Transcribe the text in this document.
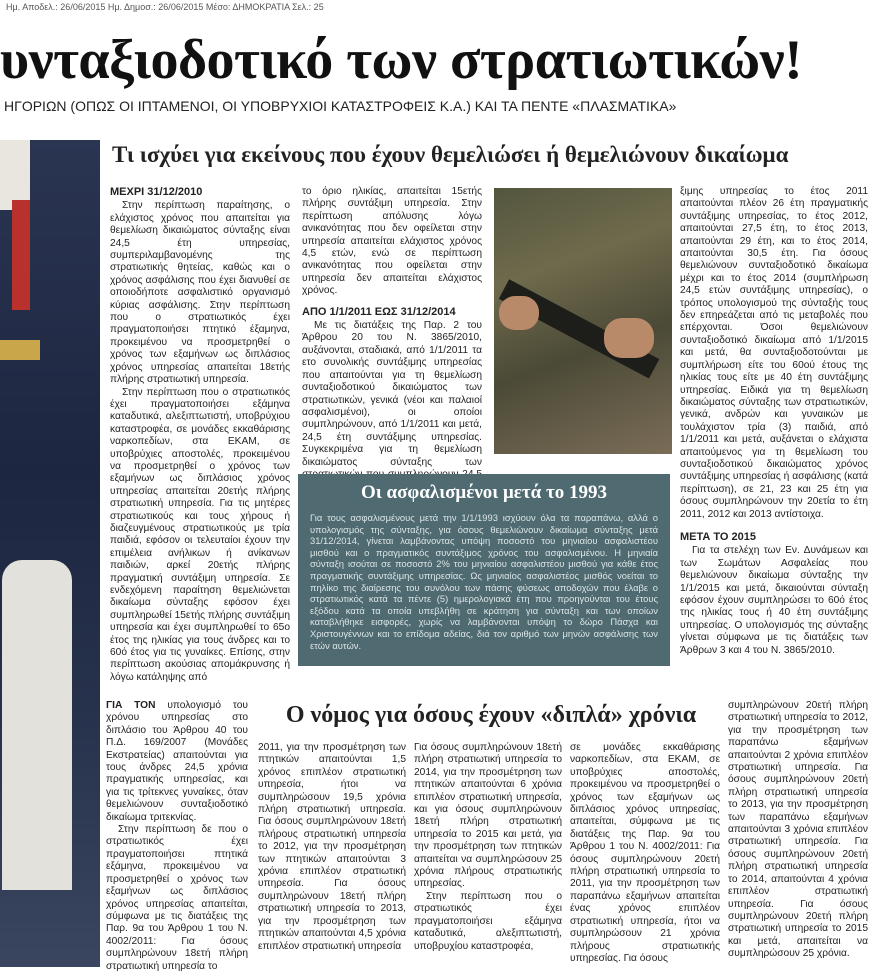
Ημ. Αποδελ.: 26/06/2015 Ημ. Δημοσ.: 26/06/2015 Μέσο: ΔΗΜΟΚΡΑΤΙΑ Σελ.: 25
υνταξιοδοτικό των στρατιωτικών!
ΗΓΟΡΙΩΝ (ΟΠΩΣ ΟΙ ΙΠΤΑΜΕΝΟΙ, ΟΙ ΥΠΟΒΡΥΧΙΟΙ ΚΑΤΑΣΤΡΟΦΕΙΣ Κ.Α.) ΚΑΙ ΤΑ ΠΕΝΤΕ «ΠΛΑΣΜΑΤΙΚΑ»
Τι ισχύει για εκείνους που έχουν θεμελιώσει ή θεμελιώνουν δικαίωμα
ΜΕΧΡΙ 31/12/2010

Στην περίπτωση παραίτησης, ο ελάχιστος χρόνος που απαιτείται για θεμελίωση δικαιώματος σύνταξης είναι 24,5 έτη υπηρεσίας, συμπεριλαμβανομένης της στρατιωτικής θητείας, καθώς και ο χρόνος ασφάλισης που έχει διανυθεί σε οποιοδήποτε ασφαλιστικό οργανισμό κύριας ασφάλισης. Στην περίπτωση που ο στρατιωτικός έχει πραγματοποιήσει πτητικό έξαμηνα, προκειμένου να προσμετρηθεί ο χρόνος των εξαμήνων ως διπλάσιος χρόνος υπηρεσίας απαιτείται 18ετής πλήρης στρατιωτική υπηρεσία.

Στην περίπτωση που ο στρατιωτικός έχει πραγματοποιήσει εξάμηνα καταδυτικά, αλεξιπτωτιστή, υποβρύχιου καταστροφέα, σε μονάδες εκκαθάρισης ναρκοπεδίων, στα ΕΚΑΜ, σε υποβρύχιες αποστολές, προκειμένου να προσμετρηθεί ο χρόνος των εξαμήνων ως διπλάσιος χρόνος υπηρεσίας απαιτείται 20ετής πλήρης στρατιωτική υπηρεσία. Για τις μητέρες στρατιωτικούς και τους χήρους ή διαζευγμένους στρατιωτικούς με τρία παιδιά, εφόσον οι τελευταίοι έχουν την επιμέλεια ανήλικων ή ανίκανων παιδιών, αρκεί 20ετής πλήρης πραγματική συντάξιμη υπηρεσία. Σε ενδεχόμενη παραίτηση θεμελιώνεται δικαίωμα σύνταξης εφόσον έχει συμπληρωθεί 15ετής πλήρης συντάξιμη υπηρεσία και έχει συμπληρωθεί το 65ο έτος της ηλικίας για τους άνδρες και το 60ό έτος για τις γυναίκες. Επίσης, στην περίπτωση ακούσιας απομάκρυνσης ή λόγω κατάληψης από

το όριο ηλικίας, απαιτείται 15ετής πλήρης συντάξιμη υπηρεσία. Στην περίπτωση απόλυσης λόγω ανικανότητας που δεν οφείλεται στην υπηρεσία απαιτείται ελάχιστος χρόνος 4,5 ετών, ενώ σε περίπτωση ανικανότητας που οφείλεται στην υπηρεσία δεν απαιτείται ελάχιστος χρόνος.

ΑΠΟ 1/1/2011 ΕΩΣ 31/12/2014

Με τις διατάξεις της Παρ. 2 του Άρθρου 20 του Ν. 3865/2010, αυξάνονται, σταδιακά, από 1/1/2011 τα ετο συνολικής συντάξιμης υπηρεσίας που απαιτούνται για τη θεμελίωση συνταξιοδοτικού δικαιώματος των στρατιωτικών, γενικά (νέοι και παλαιοί ασφαλισμένοι), οι οποίοι συμπληρώνουν, από 1/1/2011 και μετά, 24,5 έτη συντάξιμης υπηρεσίας. Συγκεκριμένα για τη θεμελίωση δικαιώματος σύνταξης των

ξιμης υπηρεσίας το έτος 2011 απαιτούνται πλέον 26 έτη πραγματικής συντάξιμης υπηρεσίας, το έτος 2012, απαιτούνται 27,5 έτη, το έτος 2013, απαιτούνται 29 έτη, και το έτος 2014, απαιτούνται 30,5 έτη. Για όσους θεμελιώνουν συνταξιοδοτικό δικαίωμα μέχρι και το έτος 2014 (συμπλήρωση 24,5 ετών συντάξιμης υπηρεσίας), ο τρόπος υπολογισμού της σύνταξής τους δεν επηρεάζεται από τις μεταβολές που επέρχονται. Όσοι θεμελιώνουν συνταξιοδοτικό δικαίωμα από 1/1/2015 και μετά, θα συνταξιοδοτούνται με συμπλήρωση είτε του 60ού έτους της ηλικίας τους είτε με 40 έτη συντάξιμης υπηρεσίας. Ειδικά για τη θεμελίωση δικαιώματος σύνταξης των στρατιωτικών, γενικά, ανδρών και γυναικών με τουλάχιστον τρία (3) παιδιά, από 1/1/2011 και μετά, αυξάνεται ο ελάχιστα απαιτούμενος για τη θεμελίωση του συνταξιοδοτικού δικαιώματος χρόνος συντάξιμης υπηρεσίας ή ασφάλισης (κατά περίπτωση), σε 21, 23 και 25 έτη για όσους συμπληρώνουν την 20ετία το έτη 2011, 2012 και 2013 αντίστοιχα.

ΜΕΤΑ ΤΟ 2015

Για τα στελέχη των Εν. Δυνάμεων και των Σωμάτων Ασφαλείας που θεμελιώνουν δικαίωμα σύνταξης την 1/1/2015 και μετά, δικαιούνται σύνταξη εφόσον έχουν συμπληρώσει το 60ό έτος της ηλικίας τους ή 40 έτη συντάξιμης υπηρεσίας. Ο υπολογισμός της σύνταξης γίνεται σύμφωνα με τις διατάξεις των Άρθρων 3 και 4 του Ν. 3865/2010.

Οι ασφαλισμένοι μετά το 1993
Για τους ασφαλισμένους μετά την 1/1/1993 ισχύουν όλα τα παραπάνω, αλλά ο υπολογισμός της σύνταξης, για όσους θεμελιώνουν δικαίωμα σύνταξης μετά 31/12/2014, γίνεται λαμβάνοντας υπόψη ποσοστό του μηνιαίου ασφαλιστέου μισθού και ο πραγματικός συντάξιμος χρόνος του ασφαλισμένου. Η μηνιαία σύνταξη ισούται σε ποσοστό 2% του μηνιαίου ασφαλιστέου μισθού για κάθε έτος πραγματικής συντάξιμης υπηρεσίας. Ως μηνιαίος ασφαλιστέος μισθός νοείται το πηλίκο της διαίρεσης του συνόλου των πάσης φύσεως αποδοχών που έλαβε ο στρατιωτικός κατά τα πέντε (5) ημερολογιακά έτη που προηγούνται του έτους εξόδου κατά τα οποία υπεβλήθη σε κράτηση για σύνταξη και των οποίων καταβλήθηκε εισφορές, χωρίς να λαμβάνονται υπόψη το δώρο Πάσχα και Χριστουγέννων και το επίδομα αδείας, διά τον αριθμό των μηνών ασφάλισης των ετών αυτών.
Ο νόμος για όσους έχουν «διπλά» χρόνια

ΓΙΑ ΤΟΝ υπολογισμό του χρόνου υπηρεσίας στο διπλάσιο του Άρθρου 40 του Π.Δ. 169/2007 (Μονάδες Εκστρατείας) απαιτούνται για τους άνδρες 24,5 χρόνια πραγματικής υπηρεσίας, και για τις τρίτεκνες γυναίκες, όταν θεμελιώνουν συνταξιοδοτικό δικαίωμα τριτεκνίας.

Στην περίπτωση δε που ο στρατιωτικός έχει πραγματοποιήσει πτητικά εξάμηνα, προκειμένου να προσμετρηθεί ο χρόνος των εξαμήνων ως διπλάσιος χρόνος υπηρεσίας απαιτείται, σύμφωνα με τις διατάξεις της Παρ. 9α του Άρθρου 1 του Ν. 4002/2011: Για όσους συμπληρώνουν 18ετή πλήρη στρατιωτική υπηρεσία το

2011, για την προσμέτρηση των πτητικών απαιτούνται 1,5 χρόνος επιπλέον στρατιωτική υπηρεσία, ήτοι να συμπληρώσουν 19,5 χρόνια πλήρη στρατιωτική υπηρεσία. Για όσους συμπληρώνουν 18ετή πλήρους στρατιωτική υπηρεσία το 2012, για την προσμέτρηση των πτητικών απαιτούνται 3 χρόνια επιπλέον στρατιωτική υπηρεσία. Για όσους συμπληρώνουν 18ετή πλήρη στρατιωτική υπηρεσία το 2013, για την προσμέτρηση των πτητικών απαιτούνται 4,5 χρόνια επιπλέον στρατιωτική υπηρεσία

Για όσους συμπληρώνουν 18ετή πλήρη στρατιωτική υπηρεσία το 2014, για την προσμέτρηση των πτητικών απαιτούνται 6 χρόνια επιπλέον στρατιωτική υπηρεσία, και για όσους συμπληρώνουν 18ετή πλήρη στρατιωτική υπηρεσία το 2015 και μετά, για την προσμέτρηση των πτητικών απαιτείται να συμπληρώσουν 25 χρόνια πλήρους στρατιωτικής υπηρεσίας.

Στην περίπτωση που ο στρατιωτικός έχει πραγματοποιήσει εξάμηνα καταδυτικά, αλεξιπτωτιστή, υποβρυχίου καταστροφέα,

σε μονάδες εκκαθάρισης ναρκοπεδίων, στα ΕΚΑΜ, σε υποβρύχιες αποστολές, προκειμένου να προσμετρηθεί ο χρόνος των εξαμήνων ως διπλάσιος χρόνος υπηρεσίας, απαιτείται, σύμφωνα με τις διατάξεις της Παρ. 9α του Άρθρου 1 του Ν. 4002/2011: Για όσους συμπληρώνουν 20ετή πλήρη στρατιωτική υπηρεσία το 2011, για την προσμέτρηση των παραπάνω εξαμήνων απαιτείται ένας χρόνος επιπλέον στρατιωτική υπηρεσία, ήτοι να συμπληρώσουν 21 χρόνια πλήρους στρατιωτικής υπηρεσίας. Για όσους

συμπληρώνουν 20ετή πλήρη στρατιωτική υπηρεσία το 2012, για την προσμέτρηση των παραπάνω εξαμήνων απαιτούνται 2 χρόνια επιπλέον στρατιωτική υπηρεσία. Για όσους συμπληρώνουν 20ετή πλήρη στρατιωτική υπηρεσία το 2013, για την προσμέτρηση των παραπάνω εξαμήνων απαιτούνται 3 χρόνια επιπλέον στρατιωτική υπηρεσία. Για όσους συμπληρώνουν 20ετή πλήρη στρατιωτική υπηρεσία το 2014, απαιτούνται 4 χρόνια επιπλέον στρατιωτική υπηρεσία. Για όσους συμπληρώνουν 20ετή πλήρη στρατιωτική υπηρεσία το 2015 και μετά, απαιτείται να συμπληρώσουν 25 χρόνια.
